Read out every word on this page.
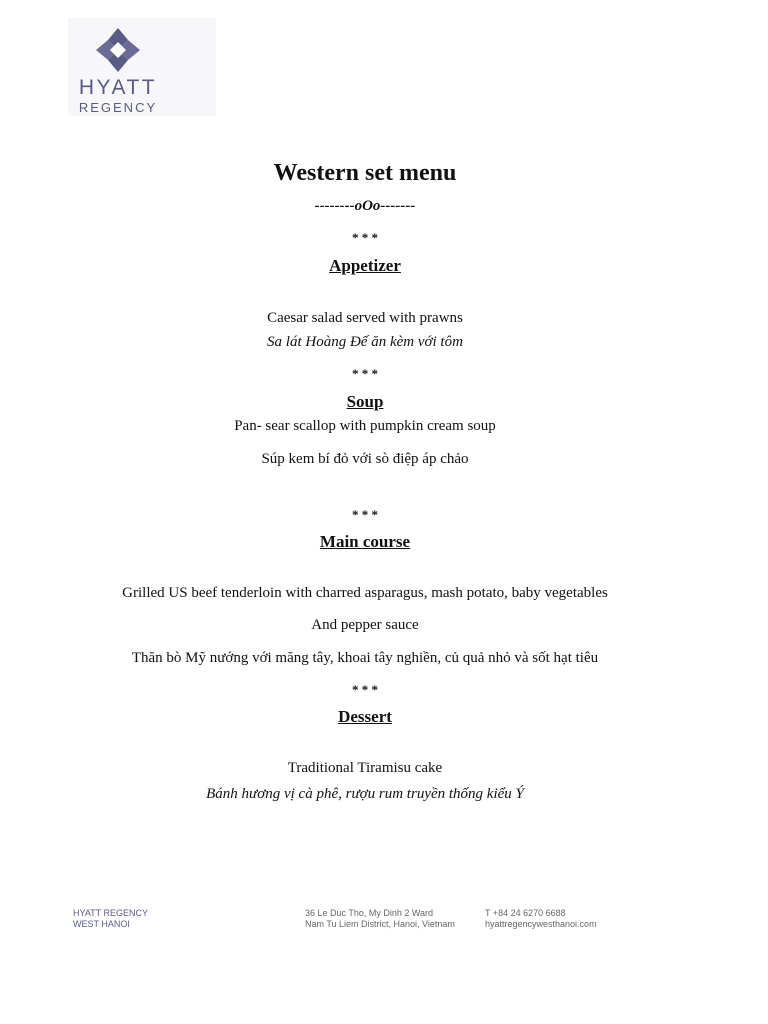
HYATT
REGENCY
Western set menu
--------oOo-------
* * *
Appetizer
Caesar salad served with prawns
Sa lát Hoàng Đế ăn kèm với tôm
* * *
Soup
Pan- sear scallop with pumpkin cream soup
Súp kem bí đỏ với sò điệp áp chảo
* * *
Main course
Grilled US beef tenderloin with charred asparagus, mash potato, baby vegetables
And pepper sauce
Thăn bò Mỹ nướng với măng tây, khoai tây nghiền, củ quả nhỏ và sốt hạt tiêu
* * *
Dessert
Traditional Tiramisu cake
Bánh hương vị cà phê, rượu rum truyền thống kiểu Ý
HYATT REGENCY
WEST HANOI
36 Le Duc Tho, My Dinh 2 Ward
Nam Tu Liem District, Hanoi, Vietnam
T +84 24 6270 6688
hyattregencywesthanoi.com
